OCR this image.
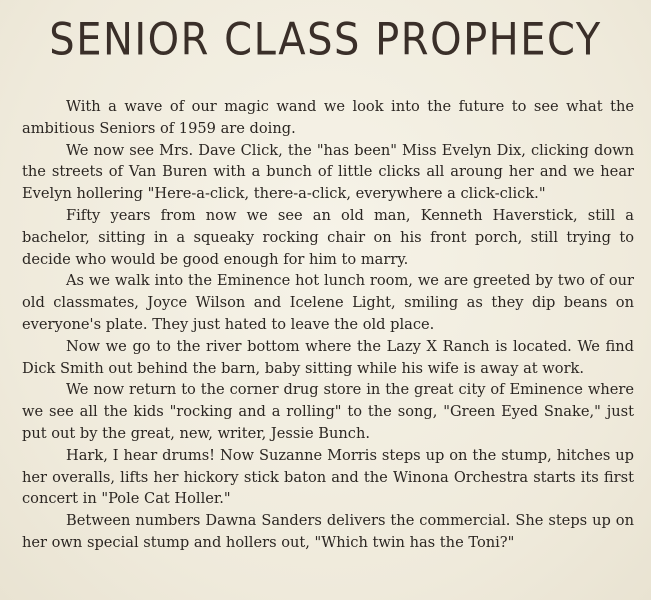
SENIOR CLASS PROPHECY

With a wave of our magic wand we look into the future to see what the ambitious Seniors of 1959 are doing.

We now see Mrs. Dave Click, the "has been" Miss Evelyn Dix, clicking down the streets of Van Buren with a bunch of little clicks all aroung her and we hear Evelyn hollering "Here-a-click, there-a-click, everywhere a click-click."

Fifty years from now we see an old man, Kenneth Haverstick, still a bachelor, sitting in a squeaky rocking chair on his front porch, still trying to decide who would be good enough for him to marry.

As we walk into the Eminence hot lunch room, we are greeted by two of our old classmates, Joyce Wilson and Icelene Light, smiling as they dip beans on everyone's plate. They just hated to leave the old place.

Now we go to the river bottom where the Lazy X Ranch is located. We find Dick Smith out behind the barn, baby sitting while his wife is away at work.

We now return to the corner drug store in the great city of Eminence where we see all the kids "rocking and a rolling" to the song, "Green Eyed Snake," just put out by the great, new, writer, Jessie Bunch.

Hark, I hear drums! Now Suzanne Morris steps up on the stump, hitches up her overalls, lifts her hickory stick baton and the Winona Orchestra starts its first concert in "Pole Cat Holler."

Between numbers Dawna Sanders delivers the commercial. She steps up on her own special stump and hollers out, "Which twin has the Toni?"
